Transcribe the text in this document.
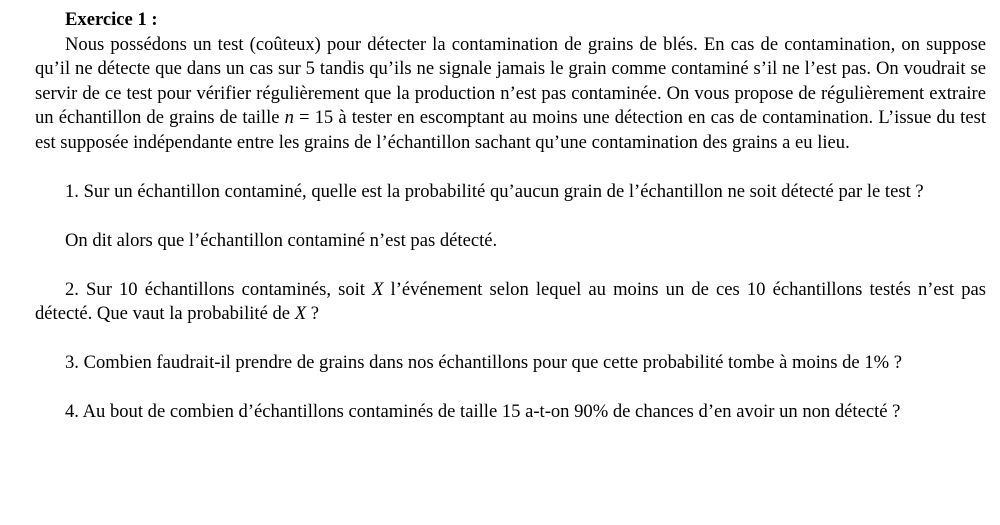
Exercice 1 :

Nous possédons un test (coûteux) pour détecter la contamination de grains de blés. En cas de contamination, on suppose qu’il ne détecte que dans un cas sur 5 tandis qu’ils ne signale jamais le grain comme contaminé s’il ne l’est pas. On voudrait se servir de ce test pour vérifier régulièrement que la production n’est pas contaminée. On vous propose de régulièrement extraire un échantillon de grains de taille n = 15 à tester en escomptant au moins une détection en cas de contamination. L’issue du test est supposée indépendante entre les grains de l’échantillon sachant qu’une contamination des grains a eu lieu.

1. Sur un échantillon contaminé, quelle est la probabilité qu’aucun grain de l’échantillon ne soit détecté par le test ?

On dit alors que l’échantillon contaminé n’est pas détecté.

2. Sur 10 échantillons contaminés, soit X l’événement selon lequel au moins un de ces 10 échantillons testés n’est pas détecté. Que vaut la probabilité de X ?

3. Combien faudrait-il prendre de grains dans nos échantillons pour que cette probabilité tombe à moins de 1% ?

4. Au bout de combien d’échantillons contaminés de taille 15 a-t-on 90% de chances d’en avoir un non détecté ?
